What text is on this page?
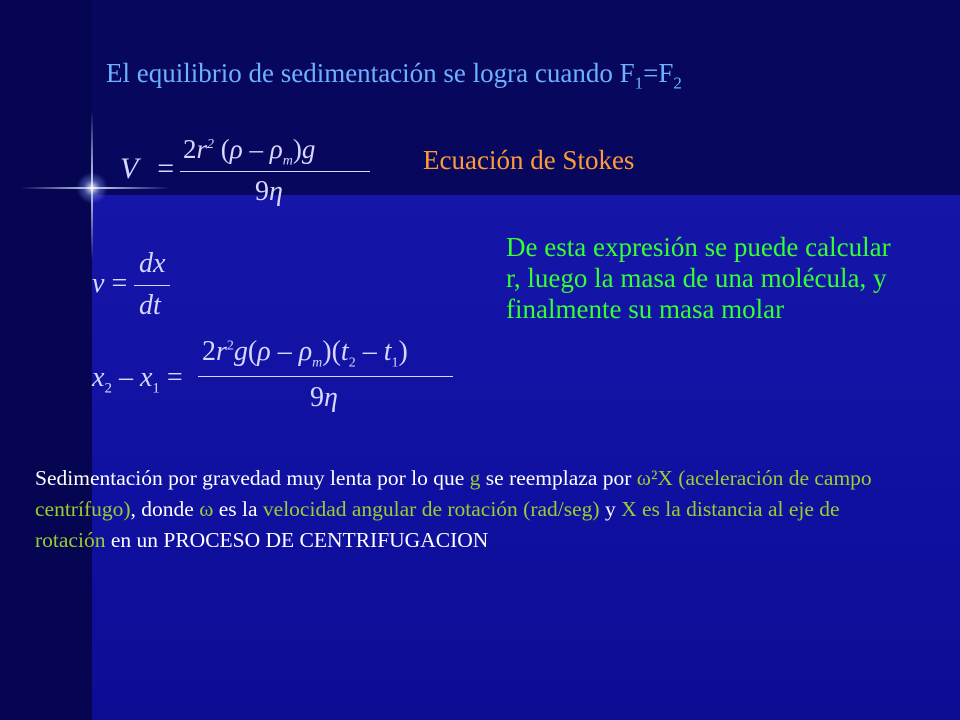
El equilibrio de sedimentación se logra cuando $F_1=F_2$
V =
$2r^2$ $(\rho - \rho_m)g$
9η
Ecuación de Stokes
v =
dx
dt
$x_2 - x_1$ =
$2r^2g(\rho - \rho_m)(t_2 - t_1)$
9η
De esta expresión se puede calcular r, luego la masa de una molécula, y finalmente su masa molar
Sedimentación por gravedad muy lenta por lo que g se reemplaza por ω²X (aceleración de campo centrífugo), donde ω es la velocidad angular de rotación (rad/seg) y X es la distancia al eje de rotación en un PROCESO DE CENTRIFUGACION
